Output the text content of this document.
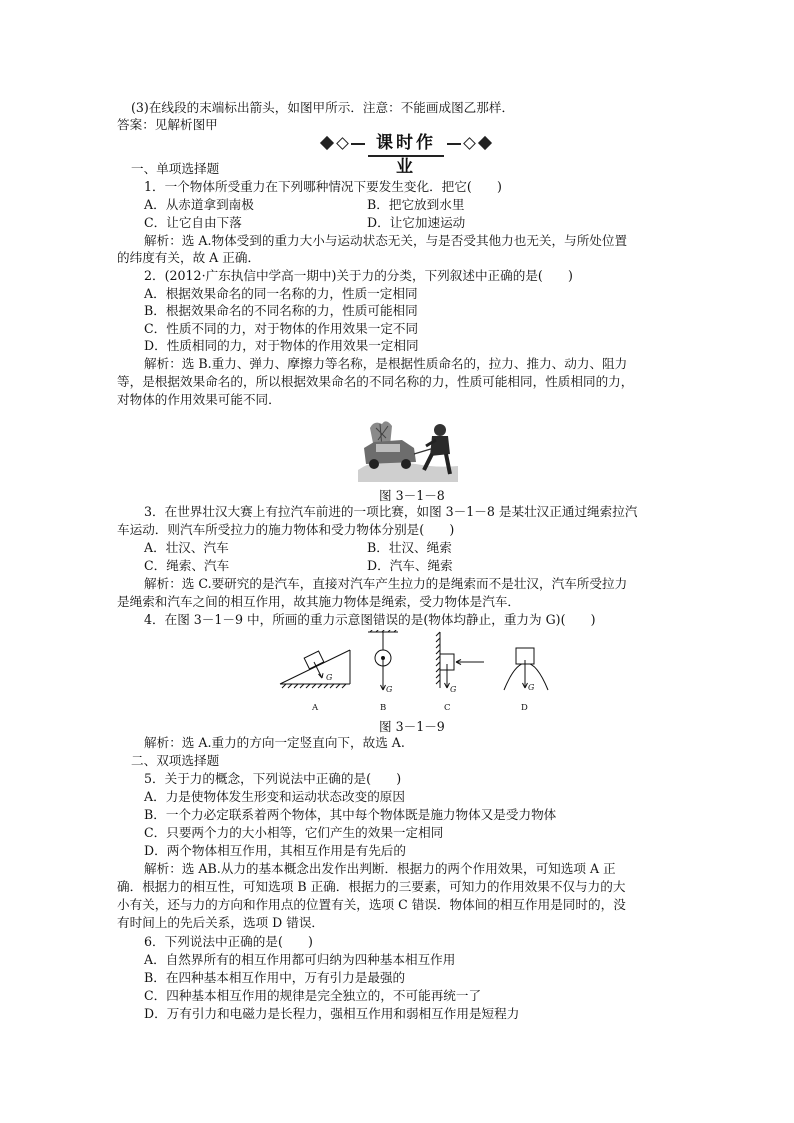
(3)在线段的末端标出箭头，如图甲所示．注意：不能画成图乙那样．
答案：见解析图甲
课时作业
一、单项选择题
1．一个物体所受重力在下列哪种情况下要发生变化．把它(　　)
A．从赤道拿到南极	B．把它放到水里
C．让它自由下落	D．让它加速运动
解析：选 A.物体受到的重力大小与运动状态无关，与是否受其他力也无关，与所处位置
的纬度有关，故 A 正确．
2．(2012·广东执信中学高一期中)关于力的分类，下列叙述中正确的是(　　)
A．根据效果命名的同一名称的力，性质一定相同
B．根据效果命名的不同名称的力，性质可能相同
C．性质不同的力，对于物体的作用效果一定不同
D．性质相同的力，对于物体的作用效果一定相同
解析：选 B.重力、弹力、摩擦力等名称，是根据性质命名的，拉力、推力、动力、阻力
等，是根据效果命名的，所以根据效果命名的不同名称的力，性质可能相同，性质相同的力，
对物体的作用效果可能不同．
图 3－1－8
3．在世界壮汉大赛上有拉汽车前进的一项比赛，如图 3－1－8 是某壮汉正通过绳索拉汽
车运动．则汽车所受拉力的施力物体和受力物体分别是(　　)
A．壮汉、汽车	B．壮汉、绳索
C．绳索、汽车	D．汽车、绳索
解析：选 C.要研究的是汽车，直接对汽车产生拉力的是绳索而不是壮汉，汽车所受拉力
是绳索和汽车之间的相互作用，故其施力物体是绳索，受力物体是汽车．
4．在图 3－1－9 中，所画的重力示意图错误的是(物体均静止，重力为 G)(　　)
G
G	G	G
A	B	C	D
图 3－1－9
解析：选 A.重力的方向一定竖直向下，故选 A.
二、双项选择题
5．关于力的概念，下列说法中正确的是(　　)
A．力是使物体发生形变和运动状态改变的原因
B．一个力必定联系着两个物体，其中每个物体既是施力物体又是受力物体
C．只要两个力的大小相等，它们产生的效果一定相同
D．两个物体相互作用，其相互作用是有先后的
解析：选 AB.从力的基本概念出发作出判断．根据力的两个作用效果，可知选项 A 正
确．根据力的相互性，可知选项 B 正确．根据力的三要素，可知力的作用效果不仅与力的大
小有关，还与力的方向和作用点的位置有关，选项 C 错误．物体间的相互作用是同时的，没
有时间上的先后关系，选项 D 错误．
6．下列说法中正确的是(　　)
A．自然界所有的相互作用都可归纳为四种基本相互作用
B．在四种基本相互作用中，万有引力是最强的
C．四种基本相互作用的规律是完全独立的，不可能再统一了
D．万有引力和电磁力是长程力，强相互作用和弱相互作用是短程力
